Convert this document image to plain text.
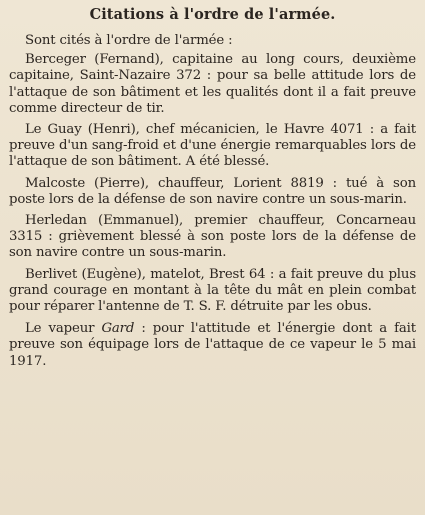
Citations à l'ordre de l'armée.

Sont cités à l'ordre de l'armée :

Berceger (Fernand), capitaine au long cours, deuxième capitaine, Saint-Nazaire 372 : pour sa belle attitude lors de l'attaque de son bâtiment et les qualités dont il a fait preuve comme directeur de tir.

Le Guay (Henri), chef mécanicien, le Havre 4071 : a fait preuve d'un sang-froid et d'une énergie remarquables lors de l'attaque de son bâtiment. A été blessé.

Malcoste (Pierre), chauffeur, Lorient 8819 : tué à son poste lors de la défense de son navire contre un sous-marin.

Herledan (Emmanuel), premier chauffeur, Concarneau 3315 : grièvement blessé à son poste lors de la défense de son navire contre un sous-marin.

Berlivet (Eugène), matelot, Brest 64 : a fait preuve du plus grand courage en montant à la tête du mât en plein combat pour réparer l'antenne de T. S. F. détruite par les obus.

Le vapeur Gard : pour l'attitude et l'énergie dont a fait preuve son équipage lors de l'attaque de ce vapeur le 5 mai 1917.
